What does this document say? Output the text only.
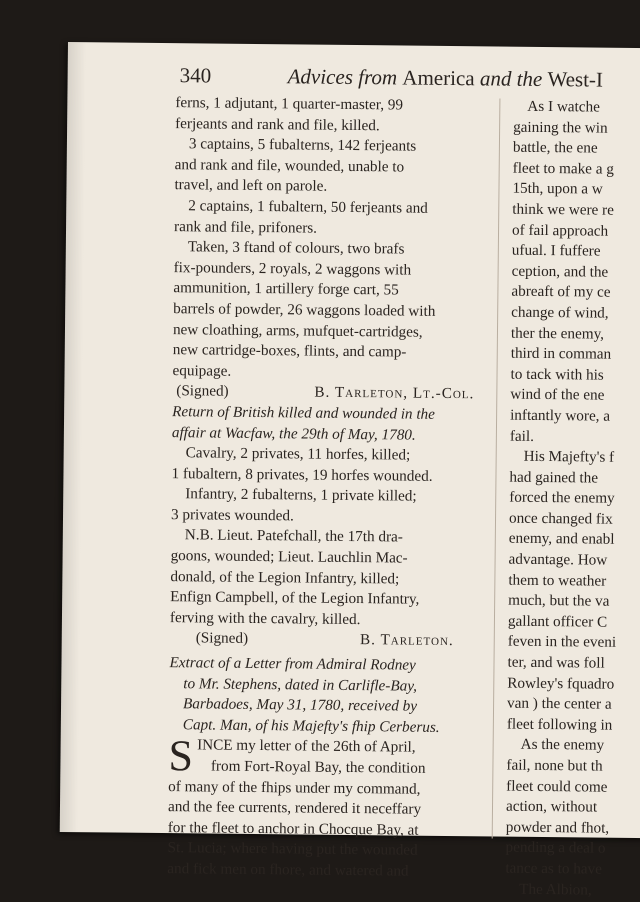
340	Advices from America and the West-I
ferns, 1 adjutant, 1 quarter-master, 99
ferjeants and rank and file, killed.
3 captains, 5 fubalterns, 142 ferjeants
and rank and file, wounded, unable to
travel, and left on parole.
2 captains, 1 fubaltern, 50 ferjeants and
rank and file, prifoners.
Taken, 3 ftand of colours, two brafs
fix-pounders, 2 royals, 2 waggons with
ammunition, 1 artillery forge cart, 55
barrels of powder, 26 waggons loaded with
new cloathing, arms, mufquet-cartridges,
new cartridge-boxes, flints, and camp-
equipage.
(Signed)	B. Tarleton, Lt.-Col.
Return of British killed and wounded in the
affair at Wacfaw, the 29th of May, 1780.
Cavalry, 2 privates, 11 horfes, killed;
1 fubaltern, 8 privates, 19 horfes wounded.
Infantry, 2 fubalterns, 1 private killed;
3 privates wounded.
N.B. Lieut. Patefchall, the 17th dra-
goons, wounded; Lieut. Lauchlin Mac-
donald, of the Legion Infantry, killed;
Enfign Campbell, of the Legion Infantry,
ferving with the cavalry, killed.
(Signed)	B. Tarleton.
Extract of a Letter from Admiral Rodney
to Mr. Stephens, dated in Carlifle-Bay,
Barbadoes, May 31, 1780, received by
Capt. Man, of his Majefty's fhip Cerberus.
S INCE my letter of the 26th of April,
from Fort-Royal Bay, the condition
of many of the fhips under my command,
and the fee currents, rendered it neceffary
for the fleet to anchor in Chocque Bay, at
St. Lucia; where having put the wounded
and fick men on fhore, and watered and
As I watche
gaining the win
battle, the ene
fleet to make a g
15th, upon a w
think we were re
of fail approach
ufual. I fuffere
ception, and the
abreaft of my ce
change of wind,
ther the enemy,
third in comman
to tack with his
wind of the ene
inftantly wore, a
fail.
His Majefty's f
had gained the
forced the enemy
once changed fix
enemy, and enabl
advantage. How
them to weather
much, but the va
gallant officer C
feven in the eveni
ter, and was foll
Rowley's fquadro
van ) the center a
fleet following in
As the enemy
fail, none but th
fleet could come
action, without
powder and fhot,
pending a deal o
tance as to have
The Albion,
